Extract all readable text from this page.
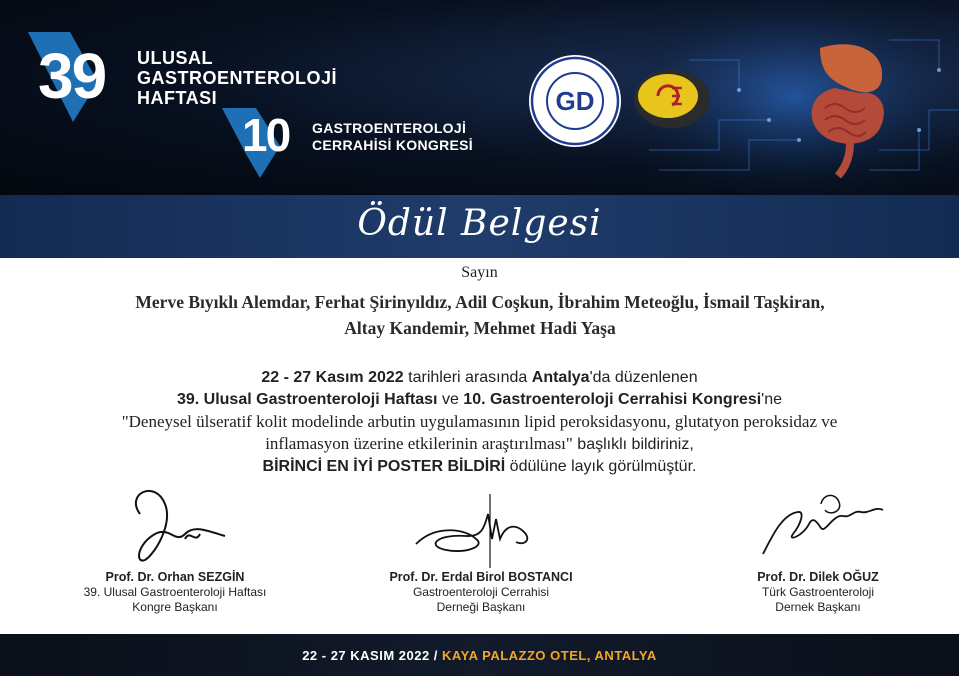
39 ULUSAL
GASTROENTEROLOJİ
HAFTASI
10 GASTROENTEROLOJİ
CERRAHİSİ KONGRESİ
GD
Ödül Belgesi
Sayın
Merve Bıyıklı Alemdar, Ferhat Şirinyıldız, Adil Coşkun, İbrahim Meteoğlu, İsmail Taşkiran,
Altay Kandemir, Mehmet Hadi Yaşa
22 - 27 Kasım 2022 tarihleri arasında Antalya'da düzenlenen
39. Ulusal Gastroenteroloji Haftası ve 10. Gastroenteroloji Cerrahisi Kongresi'ne
"Deneysel ülseratif kolit modelinde arbutin uygulamasının lipid peroksidasyonu, glutatyon peroksidaz ve
inflamasyon üzerine etkilerinin araştırılması" başlıklı bildiriniz,
BİRİNCİ EN İYİ POSTER BİLDİRİ ödülüne layık görülmüştür.
Prof. Dr. Orhan SEZGİN
39. Ulusal Gastroenteroloji Haftası
Kongre Başkanı
Prof. Dr. Erdal Birol BOSTANCI
Gastroenteroloji Cerrahisi
Derneği Başkanı
Prof. Dr. Dilek OĞUZ
Türk Gastroenteroloji
Dernek Başkanı
22 - 27 KASIM 2022 / KAYA PALAZZO OTEL, ANTALYA
